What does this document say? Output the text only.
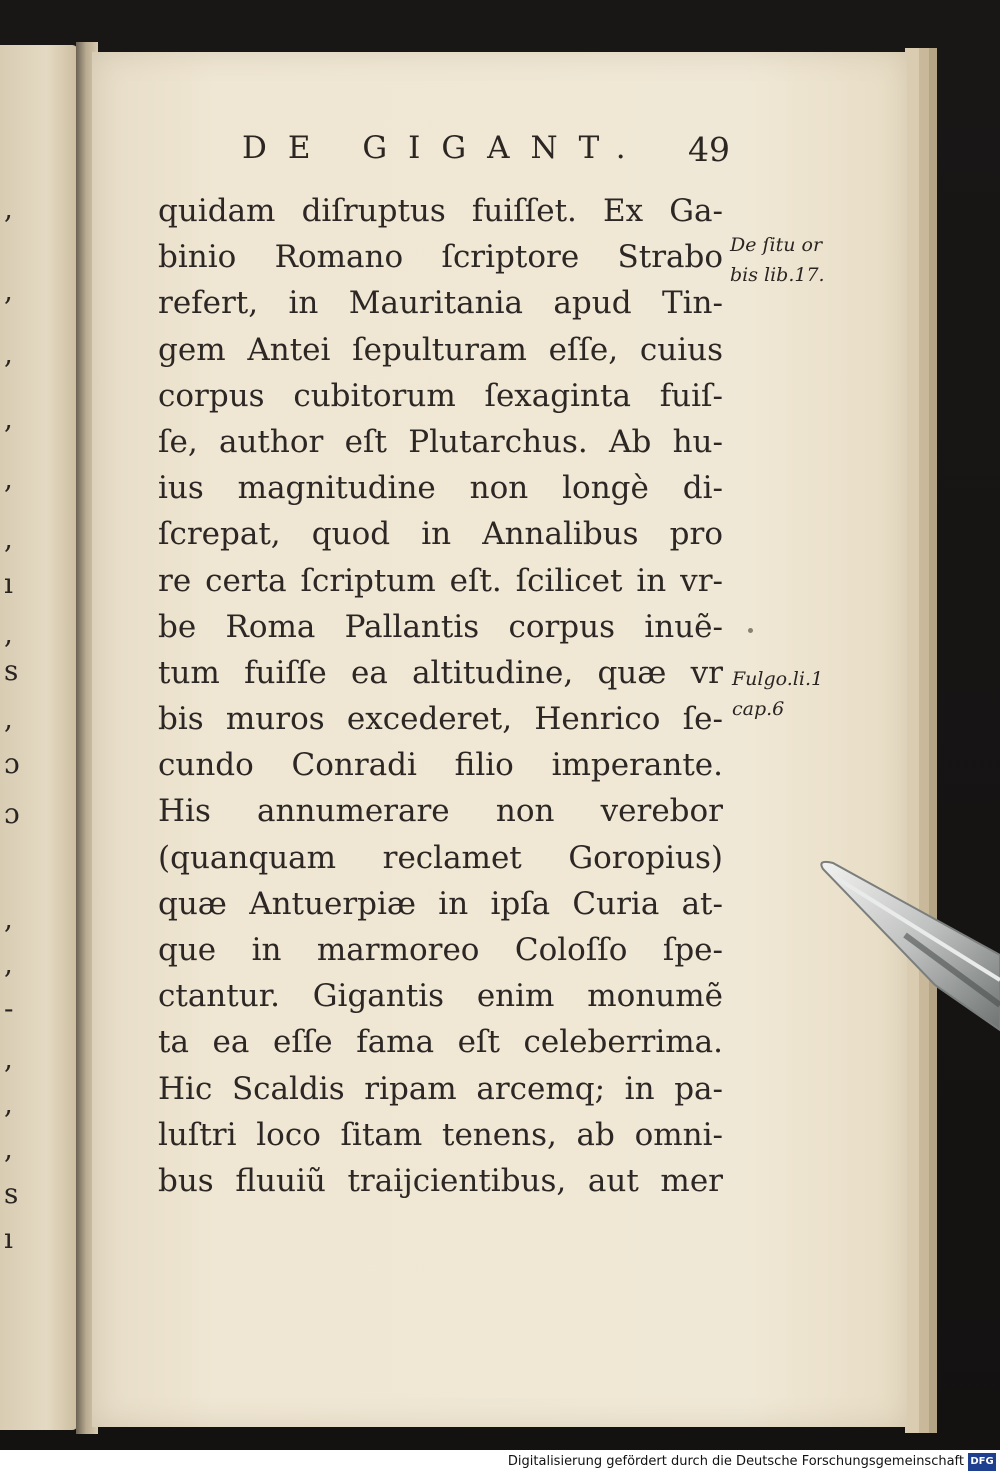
,
,
,
,
,
,
ı
,
s
,
ɔ
ɔ
,
,
-
,
,
,
s
ı
DE GIGANT. 49
quidam diſruptus fuiſſet. Ex Ga-
binio Romano ſcriptore Strabo
refert, in Mauritania apud Tin-
gem Antei ſepulturam eſſe, cuius
corpus cubitorum ſexaginta fuiſ-
ſe, author eſt Plutarchus. Ab hu-
ius magnitudine non longè di-
ſcrepat, quod in Annalibus pro
re certa ſcriptum eſt. ſcilicet in vr-
be Roma Pallantis corpus inuẽ-
tum fuiſſe ea altitudine, quæ vr
bis muros excederet, Henrico ſe-
cundo Conradi filio imperante.
His annumerare non verebor
(quanquam reclamet Goropius)
quæ Antuerpiæ in ipſa Curia at-
que in marmoreo Coloſſo ſpe-
ctantur. Gigantis enim monumẽ
ta ea eſſe fama eſt celeberrima.
Hic Scaldis ripam arcemq; in pa-
luſtri loco ſitam tenens, ab omni-
bus fluuiũ traijcientibus, aut mer
De ſitu or
bis lib.17.
Fulgo.li.1
cap.6
Digitalisierung gefördert durch die Deutsche Forschungsgemeinschaft DFG
